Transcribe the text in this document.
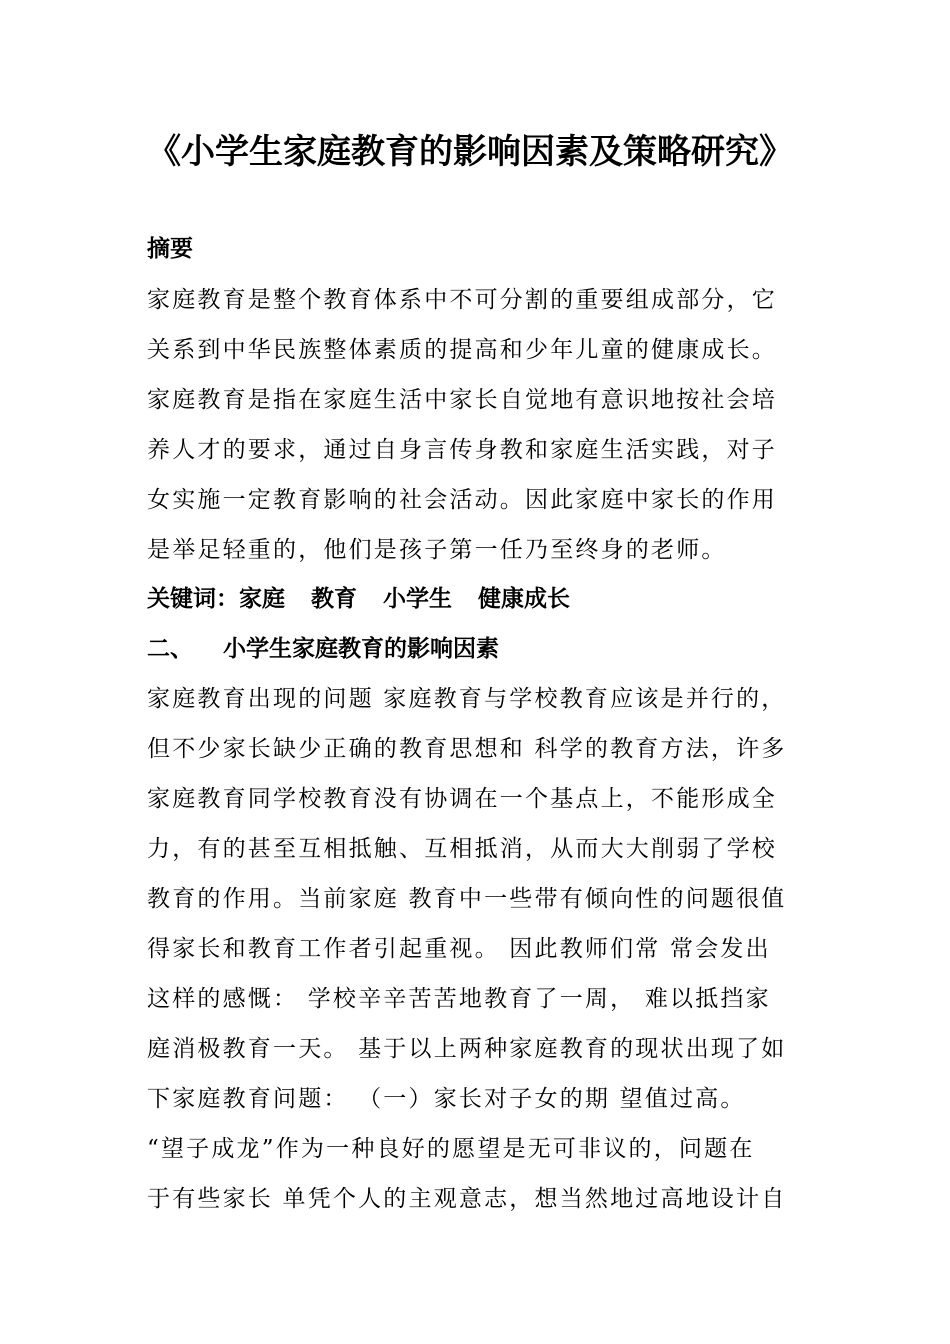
《小学生家庭教育的影响因素及策略研究》
摘要

家庭教育是整个教育体系中不可分割的重要组成部分，它
关系到中华民族整体素质的提高和少年儿童的健康成长。
家庭教育是指在家庭生活中家长自觉地有意识地按社会培
养人才的要求，通过自身言传身教和家庭生活实践，对子
女实施一定教育影响的社会活动。因此家庭中家长的作用
是举足轻重的，他们是孩子第一任乃至终身的老师。

关键词：家庭 教育 小学生 健康成长
二、 小学生家庭教育的影响因素

家庭教育出现的问题 家庭教育与学校教育应该是并行的，
但不少家长缺少正确的教育思想和 科学的教育方法，许多
家庭教育同学校教育没有协调在一个基点上，不能形成全
力，有的甚至互相抵触、互相抵消，从而大大削弱了学校
教育的作用。当前家庭 教育中一些带有倾向性的问题很值
得家长和教育工作者引起重视。 因此教师们常 常会发出
这样的感慨： 学校辛辛苦苦地教育了一周， 难以抵挡家
庭消极教育一天。 基于以上两种家庭教育的现状出现了如
下家庭教育问题： （一）家长对子女的期 望值过高。
“望子成龙”作为一种良好的愿望是无可非议的，问题在
于有些家长 单凭个人的主观意志，想当然地过高地设计自
